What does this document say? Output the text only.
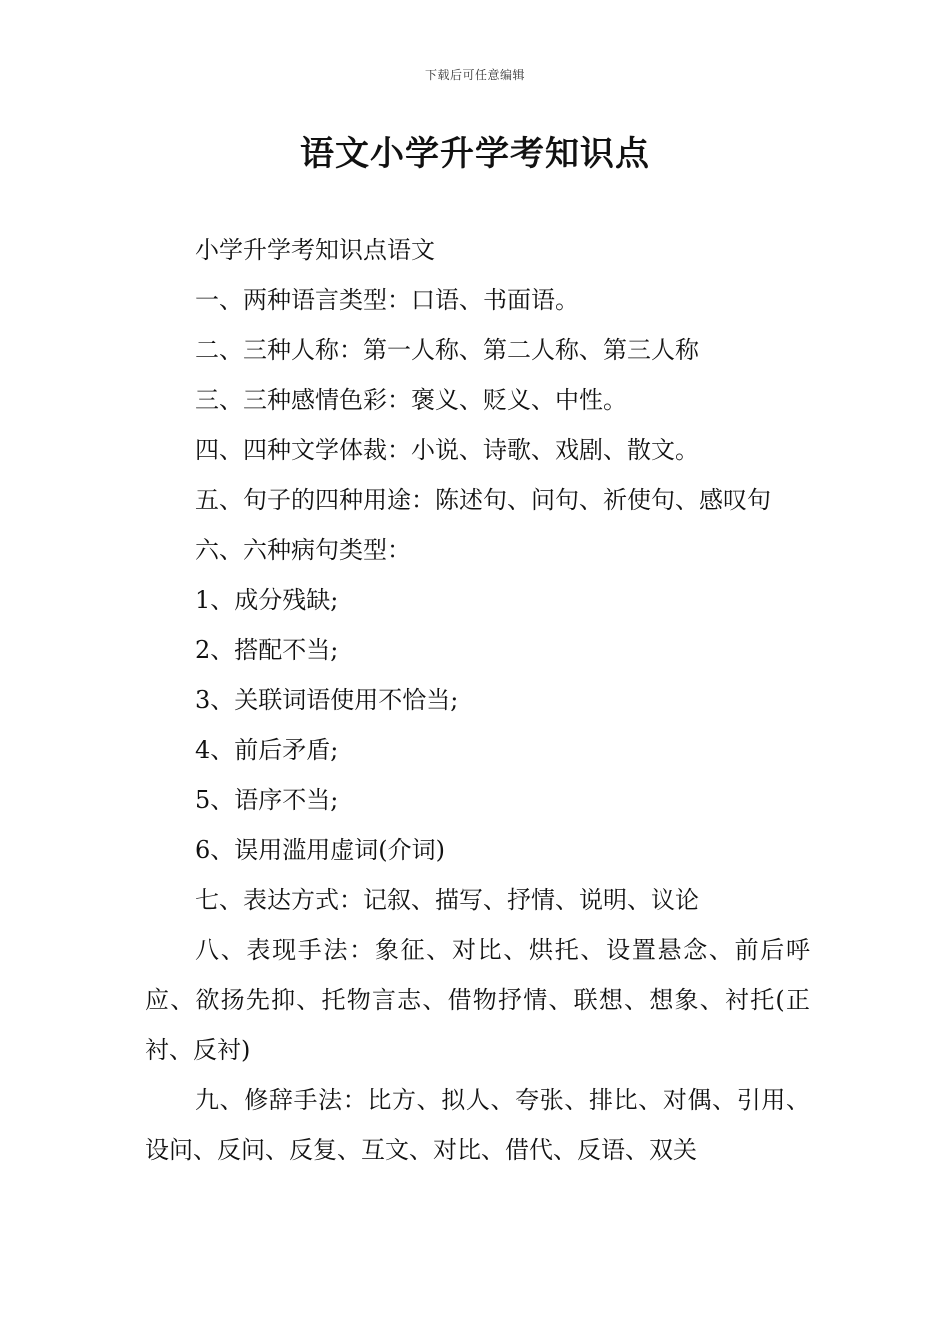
下载后可任意编辑
语文小学升学考知识点

小学升学考知识点语文

一、两种语言类型：口语、书面语。

二、三种人称：第一人称、第二人称、第三人称

三、三种感情色彩：褒义、贬义、中性。

四、四种文学体裁：小说、诗歌、戏剧、散文。

五、句子的四种用途：陈述句、问句、祈使句、感叹句

六、六种病句类型：

1、成分残缺;

2、搭配不当;

3、关联词语使用不恰当;

4、前后矛盾;

5、语序不当;

6、误用滥用虚词(介词)

七、表达方式：记叙、描写、抒情、说明、议论

八、表现手法：象征、对比、烘托、设置悬念、前后呼应、欲扬先抑、托物言志、借物抒情、联想、想象、衬托(正衬、反衬)

九、修辞手法：比方、拟人、夸张、排比、对偶、引用、设问、反问、反复、互文、对比、借代、反语、双关
